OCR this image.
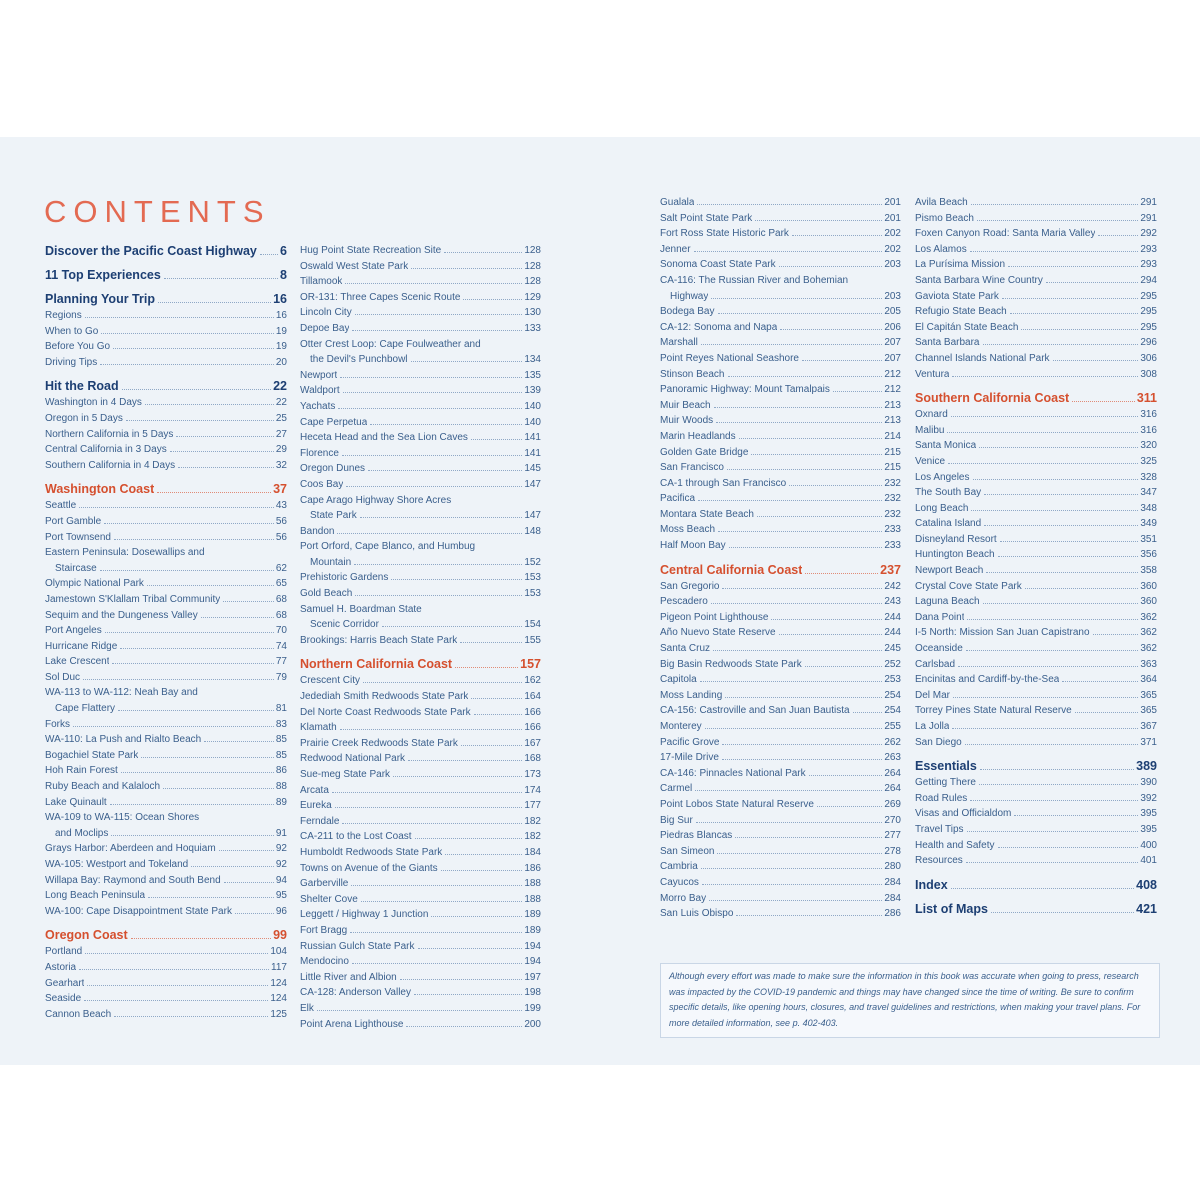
CONTENTS
Discover the Pacific Coast Highway 6
11 Top Experiences	8
Planning Your Trip	16
Regions	16
When to Go	19
Before You Go	19
Driving Tips	20
Hit the Road	22
Washington in 4 Days	22
Oregon in 5 Days	25
Northern California in 5 Days	27
Central California in 3 Days	29
Southern California in 4 Days	32
Washington Coast	37
Seattle	43
Port Gamble	56
Port Townsend	56
Eastern Peninsula: Dosewallips and
Staircase	62
Olympic National Park	65
Jamestown S'Klallam Tribal Community	68
Sequim and the Dungeness Valley	68
Port Angeles	70
Hurricane Ridge	74
Lake Crescent	77
Sol Duc	79
WA-113 to WA-112: Neah Bay and
Cape Flattery	81
Forks	83
WA-110: La Push and Rialto Beach	85
Bogachiel State Park	85
Hoh Rain Forest	86
Ruby Beach and Kalaloch	88
Lake Quinault	89
WA-109 to WA-115: Ocean Shores
and Moclips	91
Grays Harbor: Aberdeen and Hoquiam	92
WA-105: Westport and Tokeland	92
Willapa Bay: Raymond and South Bend	94
Long Beach Peninsula	95
WA-100: Cape Disappointment State Park	96
Oregon Coast	99
Portland	104
Astoria	117
Gearhart	124
Seaside	124
Cannon Beach	125
Hug Point State Recreation Site	128
Oswald West State Park	128
Tillamook	128
OR-131: Three Capes Scenic Route	129
Lincoln City	130
Depoe Bay	133
Otter Crest Loop: Cape Foulweather and
the Devil's Punchbowl	134
Newport	135
Waldport	139
Yachats	140
Cape Perpetua	140
Heceta Head and the Sea Lion Caves	141
Florence	141
Oregon Dunes	145
Coos Bay	147
Cape Arago Highway Shore Acres
State Park	147
Bandon	148
Port Orford, Cape Blanco, and Humbug
Mountain	152
Prehistoric Gardens	153
Gold Beach	153
Samuel H. Boardman State
Scenic Corridor	154
Brookings: Harris Beach State Park	155
Northern California Coast	157
Crescent City	162
Jedediah Smith Redwoods State Park	164
Del Norte Coast Redwoods State Park	166
Klamath	166
Prairie Creek Redwoods State Park	167
Redwood National Park	168
Sue-meg State Park	173
Arcata	174
Eureka	177
Ferndale	182
CA-211 to the Lost Coast	182
Humboldt Redwoods State Park	184
Towns on Avenue of the Giants	186
Garberville	188
Shelter Cove	188
Leggett / Highway 1 Junction	189
Fort Bragg	189
Russian Gulch State Park	194
Mendocino	194
Little River and Albion	197
CA-128: Anderson Valley	198
Elk	199
Point Arena Lighthouse	200
Gualala	201
Salt Point State Park	201
Fort Ross State Historic Park	202
Jenner	202
Sonoma Coast State Park	203
CA-116: The Russian River and Bohemian
Highway	203
Bodega Bay	205
CA-12: Sonoma and Napa	206
Marshall	207
Point Reyes National Seashore	207
Stinson Beach	212
Panoramic Highway: Mount Tamalpais	212
Muir Beach	213
Muir Woods	213
Marin Headlands	214
Golden Gate Bridge	215
San Francisco	215
CA-1 through San Francisco	232
Pacifica	232
Montara State Beach	232
Moss Beach	233
Half Moon Bay	233
Central California Coast	237
San Gregorio	242
Pescadero	243
Pigeon Point Lighthouse	244
Año Nuevo State Reserve	244
Santa Cruz	245
Big Basin Redwoods State Park	252
Capitola	253
Moss Landing	254
CA-156: Castroville and San Juan Bautista	254
Monterey	255
Pacific Grove	262
17-Mile Drive	263
CA-146: Pinnacles National Park	264
Carmel	264
Point Lobos State Natural Reserve	269
Big Sur	270
Piedras Blancas	277
San Simeon	278
Cambria	280
Cayucos	284
Morro Bay	284
San Luis Obispo	286
Avila Beach	291
Pismo Beach	291
Foxen Canyon Road: Santa Maria Valley	292
Los Alamos	293
La Purísima Mission	293
Santa Barbara Wine Country	294
Gaviota State Park	295
Refugio State Beach	295
El Capitán State Beach	295
Santa Barbara	296
Channel Islands National Park	306
Ventura	308
Southern California Coast	311
Oxnard	316
Malibu	316
Santa Monica	320
Venice	325
Los Angeles	328
The South Bay	347
Long Beach	348
Catalina Island	349
Disneyland Resort	351
Huntington Beach	356
Newport Beach	358
Crystal Cove State Park	360
Laguna Beach	360
Dana Point	362
I-5 North: Mission San Juan Capistrano	362
Oceanside	362
Carlsbad	363
Encinitas and Cardiff-by-the-Sea	364
Del Mar	365
Torrey Pines State Natural Reserve	365
La Jolla	367
San Diego	371
Essentials	389
Getting There	390
Road Rules	392
Visas and Officialdom	395
Travel Tips	395
Health and Safety	400
Resources	401
Index	408
List of Maps	421
Although every effort was made to make sure the information in this book was accurate when going to press, research was impacted by the COVID-19 pandemic and things may have changed since the time of writing. Be sure to confirm specific details, like opening hours, closures, and travel guidelines and restrictions, when making your travel plans. For more detailed information, see p. 402-403.
